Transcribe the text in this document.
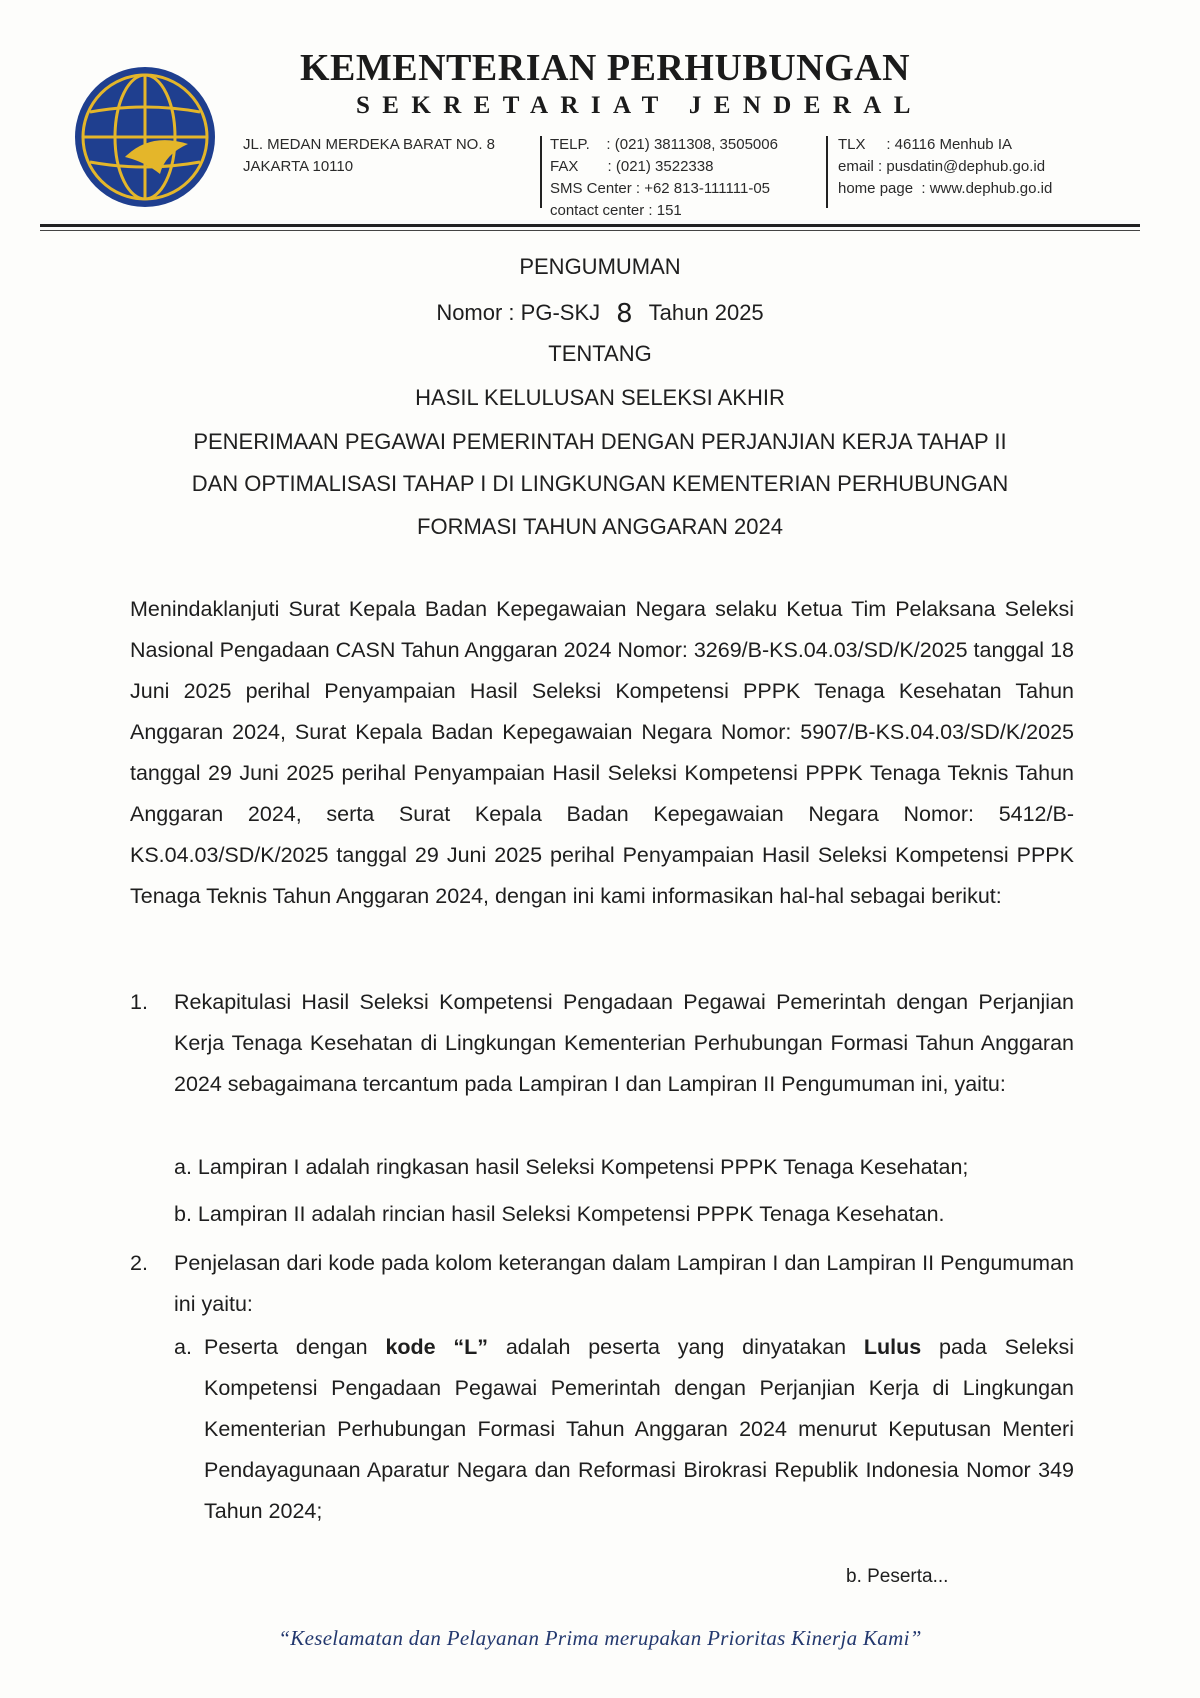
KEMENTERIAN PERHUBUNGAN
SEKRETARIAT JENDERAL
JL. MEDAN MERDEKA BARAT NO. 8
JAKARTA 10110
TELP.    : (021) 3811308, 3505006
FAX       : (021) 3522338
SMS Center : +62 813-111111-05
contact center : 151
TLX     : 46116 Menhub IA
email : pusdatin@dephub.go.id
home page  : www.dephub.go.id
PENGUMUMAN
Nomor : PG-SKJ 8 Tahun 2025
TENTANG
HASIL KELULUSAN SELEKSI AKHIR
PENERIMAAN PEGAWAI PEMERINTAH DENGAN PERJANJIAN KERJA TAHAP II
DAN OPTIMALISASI TAHAP I DI LINGKUNGAN KEMENTERIAN PERHUBUNGAN
FORMASI TAHUN ANGGARAN 2024
Menindaklanjuti Surat Kepala Badan Kepegawaian Negara selaku Ketua Tim Pelaksana Seleksi Nasional Pengadaan CASN Tahun Anggaran 2024 Nomor: 3269/B-KS.04.03/SD/K/2025 tanggal 18 Juni 2025 perihal Penyampaian Hasil Seleksi Kompetensi PPPK Tenaga Kesehatan Tahun Anggaran 2024, Surat Kepala Badan Kepegawaian Negara Nomor: 5907/B-KS.04.03/SD/K/2025 tanggal 29 Juni 2025 perihal Penyampaian Hasil Seleksi Kompetensi PPPK Tenaga Teknis Tahun Anggaran 2024, serta Surat Kepala Badan Kepegawaian Negara Nomor: 5412/B-KS.04.03/SD/K/2025 tanggal 29 Juni 2025 perihal Penyampaian Hasil Seleksi Kompetensi PPPK Tenaga Teknis Tahun Anggaran 2024, dengan ini kami informasikan hal-hal sebagai berikut:
1. Rekapitulasi Hasil Seleksi Kompetensi Pengadaan Pegawai Pemerintah dengan Perjanjian Kerja Tenaga Kesehatan di Lingkungan Kementerian Perhubungan Formasi Tahun Anggaran 2024 sebagaimana tercantum pada Lampiran I dan Lampiran II Pengumuman ini, yaitu:
a. Lampiran I adalah ringkasan hasil Seleksi Kompetensi PPPK Tenaga Kesehatan;
b. Lampiran II adalah rincian hasil Seleksi Kompetensi PPPK Tenaga Kesehatan.
2. Penjelasan dari kode pada kolom keterangan dalam Lampiran I dan Lampiran II Pengumuman ini yaitu:
a. Peserta dengan kode “L” adalah peserta yang dinyatakan Lulus pada Seleksi Kompetensi Pengadaan Pegawai Pemerintah dengan Perjanjian Kerja di Lingkungan Kementerian Perhubungan Formasi Tahun Anggaran 2024 menurut Keputusan Menteri Pendayagunaan Aparatur Negara dan Reformasi Birokrasi Republik Indonesia Nomor 349 Tahun 2024;
b. Peserta...
“Keselamatan dan Pelayanan Prima merupakan Prioritas Kinerja Kami”
